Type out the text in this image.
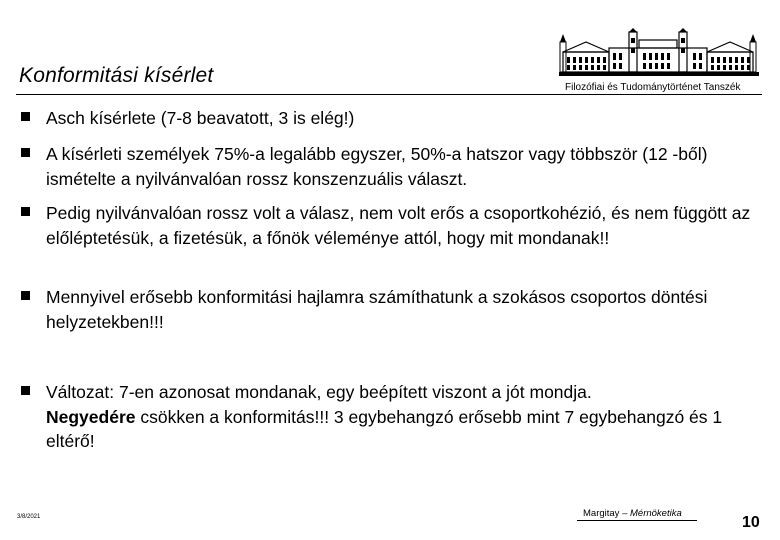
Konformitási kísérlet
Filozófiai és Tudománytörténet Tanszék
Asch kísérlete (7-8 beavatott, 3 is elég!)
A kísérleti személyek 75%-a legalább egyszer, 50%-a hatszor vagy többször (12 -ből) ismételte a nyilvánvalóan rossz konszenzuális választ.
Pedig nyilvánvalóan rossz volt a válasz, nem volt erős a csoportkohézió, és nem függött az előléptetésük, a fizetésük, a főnök véleménye attól, hogy mit mondanak!!
Mennyivel erősebb konformitási hajlamra számíthatunk a szokásos csoportos döntési helyzetekben!!!
Változat: 7-en azonosat mondanak, egy beépített viszont a jót mondja.
Negyedére csökken a konformitás!!! 3 egybehangzó erősebb mint 7 egybehangzó és 1 eltérő!
3/8/2021	Margitay – Mérnöketika
10
